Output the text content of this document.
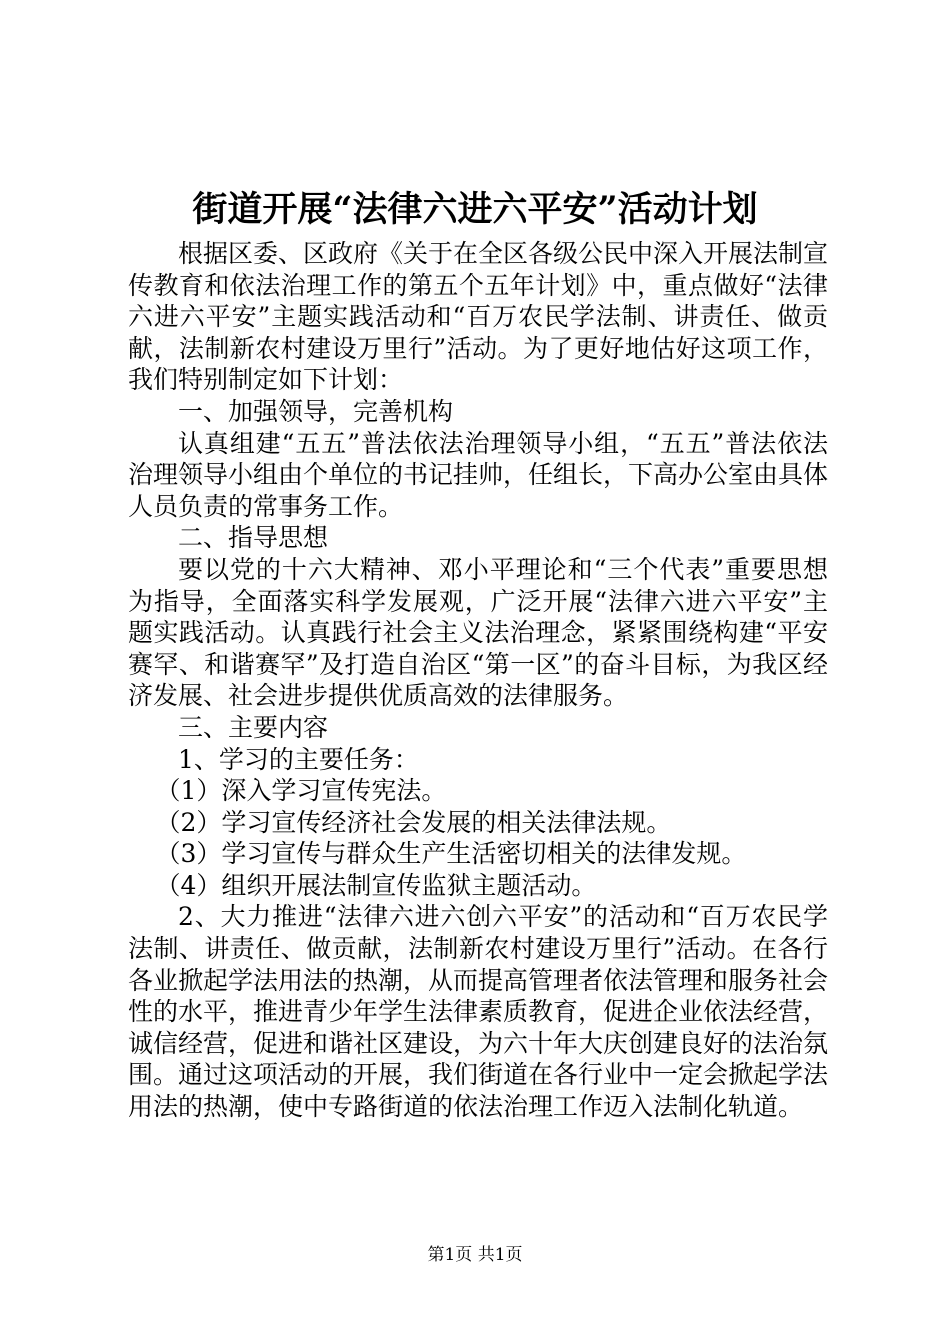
街道开展“法律六进六平安”活动计划

根据区委、区政府《关于在全区各级公民中深入开展法制宣传教育和依法治理工作的第五个五年计划》中，重点做好“法律六进六平安”主题实践活动和“百万农民学法制、讲责任、做贡献，法制新农村建设万里行”活动。为了更好地估好这项工作，我们特别制定如下计划：

一、加强领导，完善机构

认真组建“五五”普法依法治理领导小组，“五五”普法依法治理领导小组由个单位的书记挂帅，任组长，下高办公室由具体人员负责的常事务工作。

二、指导思想

要以党的十六大精神、邓小平理论和“三个代表”重要思想为指导，全面落实科学发展观，广泛开展“法律六进六平安”主题实践活动。认真践行社会主义法治理念，紧紧围绕构建“平安赛罕、和谐赛罕”及打造自治区“第一区”的奋斗目标，为我区经济发展、社会进步提供优质高效的法律服务。

三、主要内容

1、学习的主要任务：

（1）深入学习宣传宪法。

（2）学习宣传经济社会发展的相关法律法规。

（3）学习宣传与群众生产生活密切相关的法律发规。

（4）组织开展法制宣传监狱主题活动。

2、大力推进“法律六进六创六平安”的活动和“百万农民学法制、讲责任、做贡献，法制新农村建设万里行”活动。在各行各业掀起学法用法的热潮，从而提高管理者依法管理和服务社会性的水平，推进青少年学生法律素质教育，促进企业依法经营，诚信经营，促进和谐社区建设，为六十年大庆创建良好的法治氛围。通过这项活动的开展，我们街道在各行业中一定会掀起学法用法的热潮，使中专路街道的依法治理工作迈入法制化轨道。

第1页 共1页
